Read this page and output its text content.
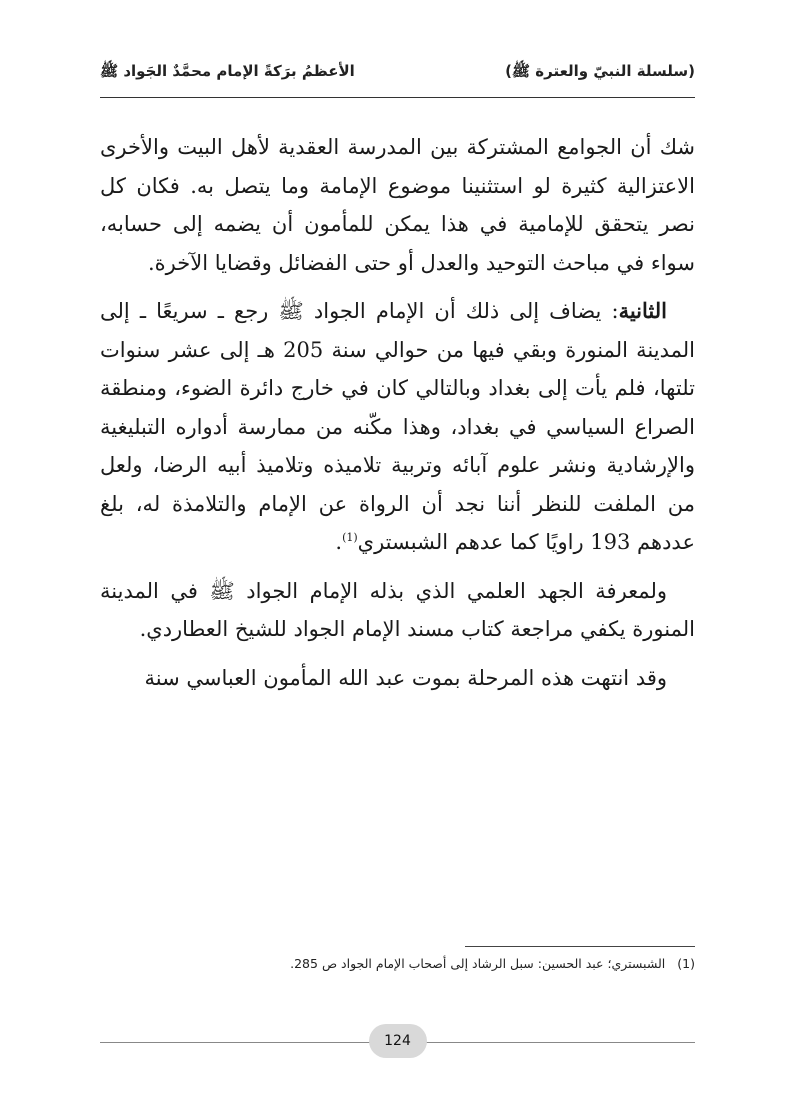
(سلسلة النبيّ والعترة ﷺ)
الأعظمُ برَكةً الإمام محمَّدٌ الجَواد ﷺ

شك أن الجوامع المشتركة بين المدرسة العقدية لأهل البيت والأخرى الاعتزالية كثيرة لو استثنينا موضوع الإمامة وما يتصل به. فكان كل نصر يتحقق للإمامية في هذا يمكن للمأمون أن يضمه إلى حسابه، سواء في مباحث التوحيد والعدل أو حتى الفضائل وقضايا الآخرة.

الثانية: يضاف إلى ذلك أن الإمام الجواد ﷺ رجع ـ سريعًا ـ إلى المدينة المنورة وبقي فيها من حوالي سنة 205 هـ إلى عشر سنوات تلتها، فلم يأت إلى بغداد وبالتالي كان في خارج دائرة الضوء، ومنطقة الصراع السياسي في بغداد، وهذا مكّنه من ممارسة أدواره التبليغية والإرشادية ونشر علوم آبائه وتربية تلاميذه وتلاميذ أبيه الرضا، ولعل من الملفت للنظر أننا نجد أن الرواة عن الإمام والتلامذة له، بلغ عددهم 193 راويًا كما عدهم الشبستري$^{(1)}$.

ولمعرفة الجهد العلمي الذي بذله الإمام الجواد ﷺ في المدينة المنورة يكفي مراجعة كتاب مسند الإمام الجواد للشيخ العطاردي.

وقد انتهت هذه المرحلة بموت عبد الله المأمون العباسي سنة

(1)
الشبستري؛ عبد الحسين: سبل الرشاد إلى أصحاب الإمام الجواد ص 285.
124
